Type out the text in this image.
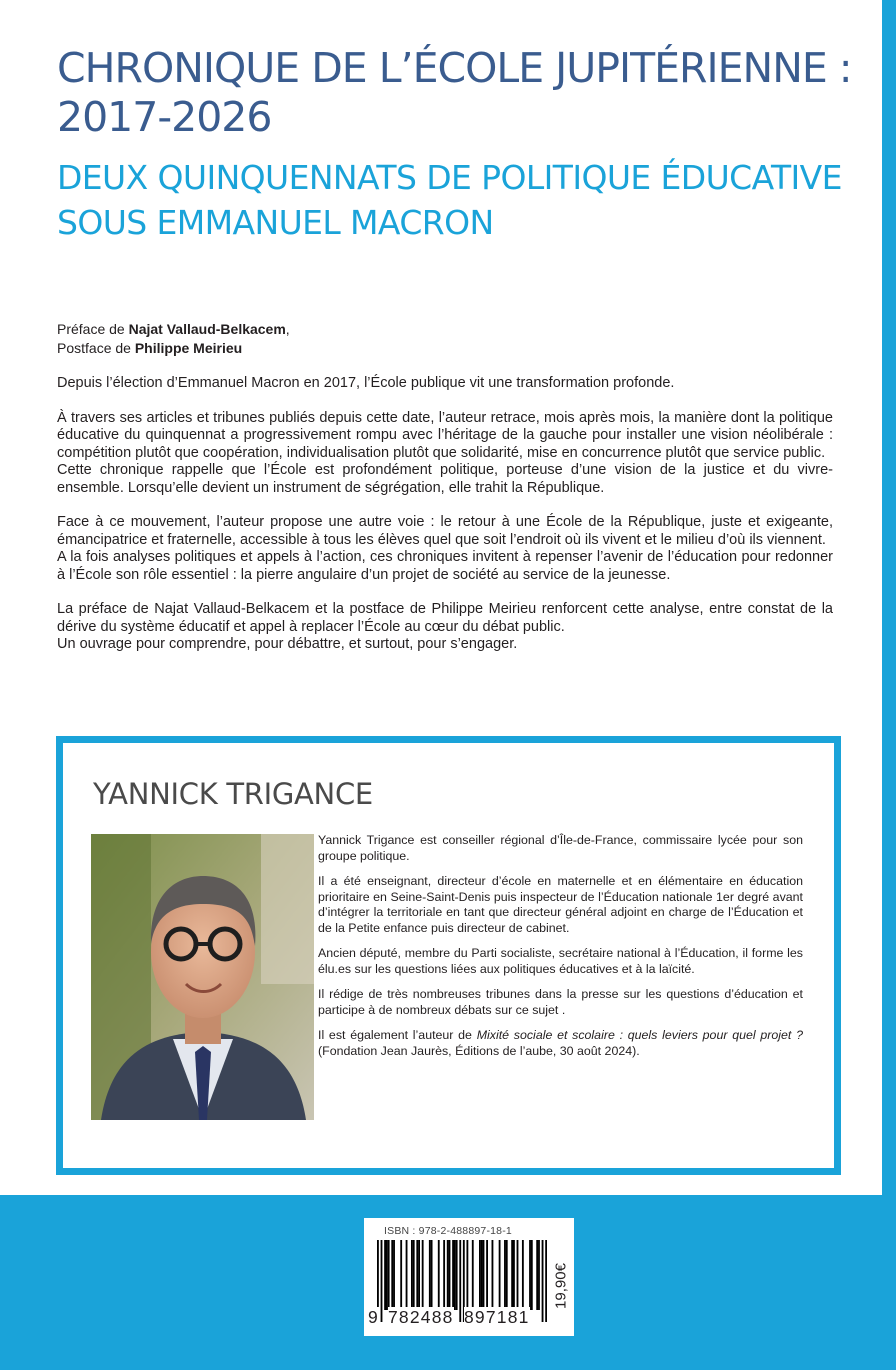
CHRONIQUE DE L’ÉCOLE JUPITÉRIENNE : 2017-2026
DEUX QUINQUENNATS DE POLITIQUE ÉDUCATIVE SOUS EMMANUEL MACRON
Préface de Najat Vallaud-Belkacem,
Postface de Philippe Meirieu

Depuis l’élection d’Emmanuel Macron en 2017, l’École publique vit une transformation profonde.

À travers ses articles et tribunes publiés depuis cette date, l’auteur retrace, mois après mois, la manière dont la politique éducative du quinquennat a progressivement rompu avec l’héritage de la gauche pour installer une vision néolibérale : compétition plutôt que coopération, individualisation plutôt que solidarité, mise en concurrence plutôt que service public.

Cette chronique rappelle que l’École est profondément politique, porteuse d’une vision de la justice et du vivre-ensemble. Lorsqu’elle devient un instrument de ségrégation, elle trahit la République.

Face à ce mouvement, l’auteur propose une autre voie : le retour à une École de la République, juste et exigeante, émancipatrice et fraternelle, accessible à tous les élèves quel que soit l’endroit où ils vivent et le milieu d’où ils viennent.

A la fois analyses politiques et appels à l’action, ces chroniques invitent à repenser l’avenir de l’éducation pour redonner à l’École son rôle essentiel : la pierre angulaire d’un projet de société au service de la jeunesse.

La préface de Najat Vallaud-Belkacem et la postface de Philippe Meirieu renforcent cette analyse, entre constat de la dérive du système éducatif et appel à replacer l’École au cœur du débat public.

Un ouvrage pour comprendre, pour débattre, et surtout, pour s’engager.

YANNICK TRIGANCE

Yannick Trigance est conseiller régional d’Île-de-France, commissaire lycée pour son groupe politique.

Il a été enseignant, directeur d’école en maternelle et en élémentaire en éducation prioritaire en Seine-Saint-Denis puis inspecteur de l’Éducation nationale 1er degré avant d’intégrer la territoriale en tant que directeur général adjoint en charge de l’Éducation et de la Petite enfance puis directeur de cabinet.

Ancien député, membre du Parti socialiste, secrétaire national à l’Éducation, il forme les élu.es sur les questions liées aux politiques éducatives et à la laïcité.

Il rédige de très nombreuses tribunes dans la presse sur les questions d’éducation et participe à de nombreux débats sur ce sujet .

Il est également l’auteur de Mixité sociale et scolaire : quels leviers pour quel projet ? (Fondation Jean Jaurès, Éditions de l’aube, 30 août 2024).

ISBN : 978-2-488897-18-1
9 782488 897181
19,90€
